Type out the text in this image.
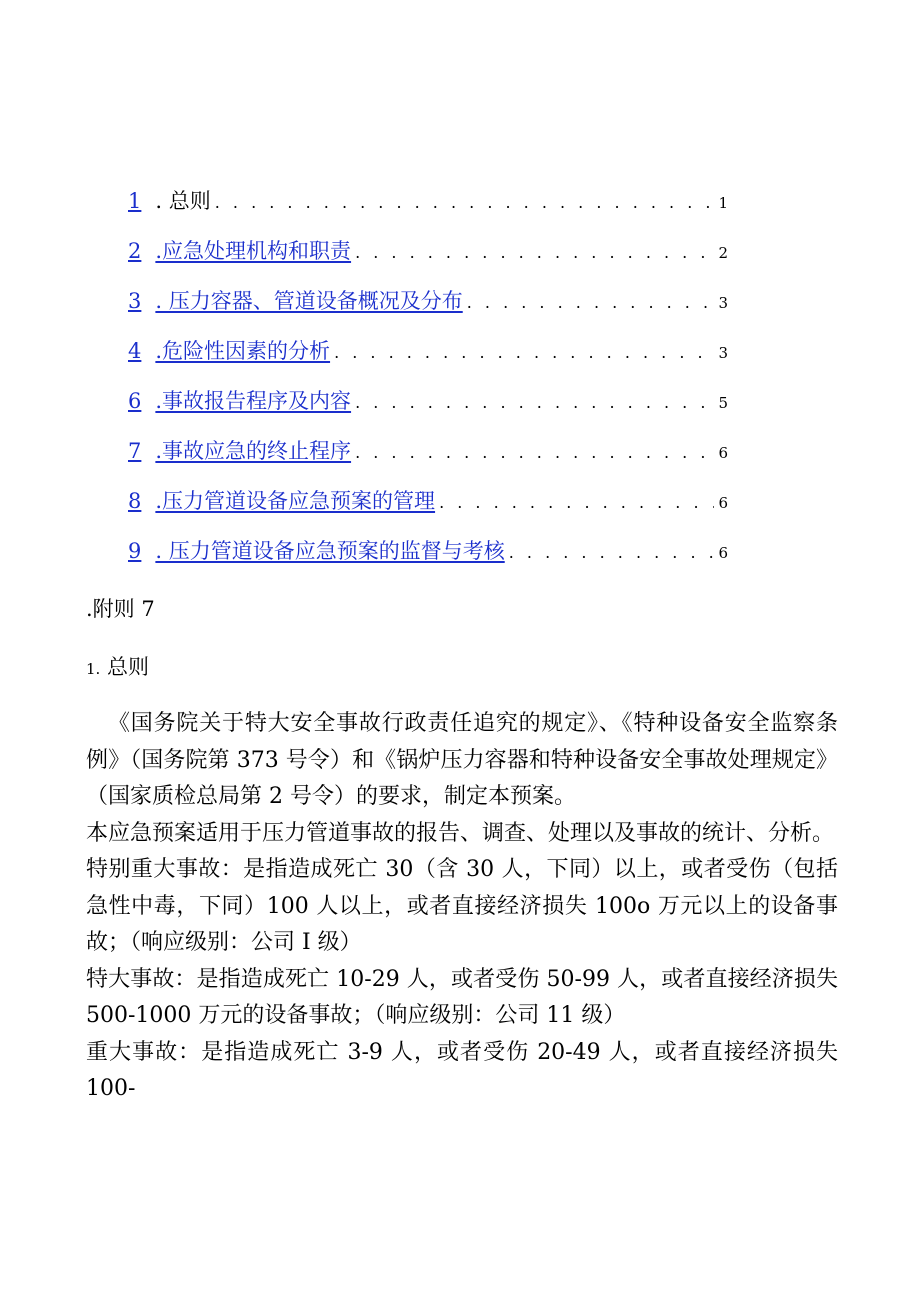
1 . 总则 . . .	1
2 .应急处理机构和职责 . . .	2
3 . 压力容器、管道设备概况及分布 . . .	3
4 .危险性因素的分析 . . .	3
6 .事故报告程序及内容 . . .	5
7 .事故应急的终止程序 . . .	6
8 .压力管道设备应急预案的管理 . . .	6
9 . 压力管道设备应急预案的监督与考核 . . .	6
.附则 7
1. 总则

《国务院关于特大安全事故行政责任追究的规定》、《特种设备安全监察条例》（国务院第 373 号令）和《锅炉压力容器和特种设备安全事故处理规定》（国家质检总局第 2 号令）的要求，制定本预案。

本应急预案适用于压力管道事故的报告、调查、处理以及事故的统计、分析。

特别重大事故：是指造成死亡 30（含 30 人，下同）以上，或者受伤（包括急性中毒，下同）100 人以上，或者直接经济损失 100o 万元以上的设备事故；（响应级别：公司 I 级）

特大事故：是指造成死亡 10-29 人，或者受伤 50-99 人，或者直接经济损失 500-1000 万元的设备事故；（响应级别：公司 11 级）

重大事故：是指造成死亡 3-9 人，或者受伤 20-49 人，或者直接经济损失 100-
